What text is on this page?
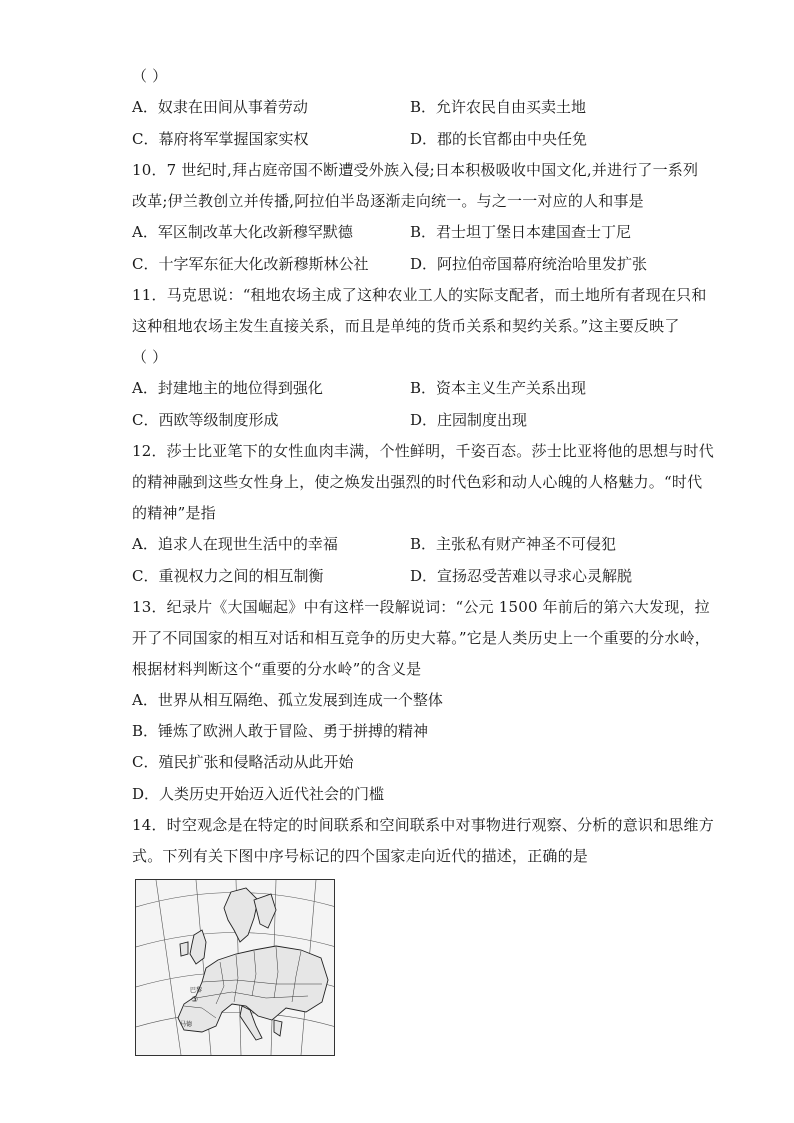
（ ）
A．奴隶在田间从事着劳动	B．允许农民自由买卖土地
C．幕府将军掌握国家实权	D．郡的长官都由中央任免
10．7 世纪时,拜占庭帝国不断遭受外族入侵;日本积极吸收中国文化,并进行了一系列
改革;伊兰教创立并传播,阿拉伯半岛逐渐走向统一。与之一一对应的人和事是
A．军区制改革大化改新穆罕默德	B．君士坦丁堡日本建国查士丁尼
C．十字军东征大化改新穆斯林公社	D．阿拉伯帝国幕府统治哈里发扩张
11．马克思说：“租地农场主成了这种农业工人的实际支配者，而土地所有者现在只和
这种租地农场主发生直接关系，而且是单纯的货币关系和契约关系。”这主要反映了
（ ）
A．封建地主的地位得到强化	B．资本主义生产关系出现
C．西欧等级制度形成	D．庄园制度出现
12．莎士比亚笔下的女性血肉丰满，个性鲜明，千姿百态。莎士比亚将他的思想与时代
的精神融到这些女性身上，使之焕发出强烈的时代色彩和动人心魄的人格魅力。“时代
的精神”是指
A．追求人在现世生活中的幸福	B．主张私有财产神圣不可侵犯
C．重视权力之间的相互制衡	D．宣扬忍受苦难以寻求心灵解脱
13．纪录片《大国崛起》中有这样一段解说词：“公元 1500 年前后的第六大发现，拉
开了不同国家的相互对话和相互竞争的历史大幕。”它是人类历史上一个重要的分水岭，
根据材料判断这个“重要的分水岭”的含义是
A．世界从相互隔绝、孤立发展到连成一个整体
B．锤炼了欧洲人敢于冒险、勇于拼搏的精神
C．殖民扩张和侵略活动从此开始
D．人类历史开始迈入近代社会的门槛
14．时空观念是在特定的时间联系和空间联系中对事物进行观察、分析的意识和思维方
式。下列有关下图中序号标记的四个国家走向近代的描述，正确的是
巴黎
③
马德
